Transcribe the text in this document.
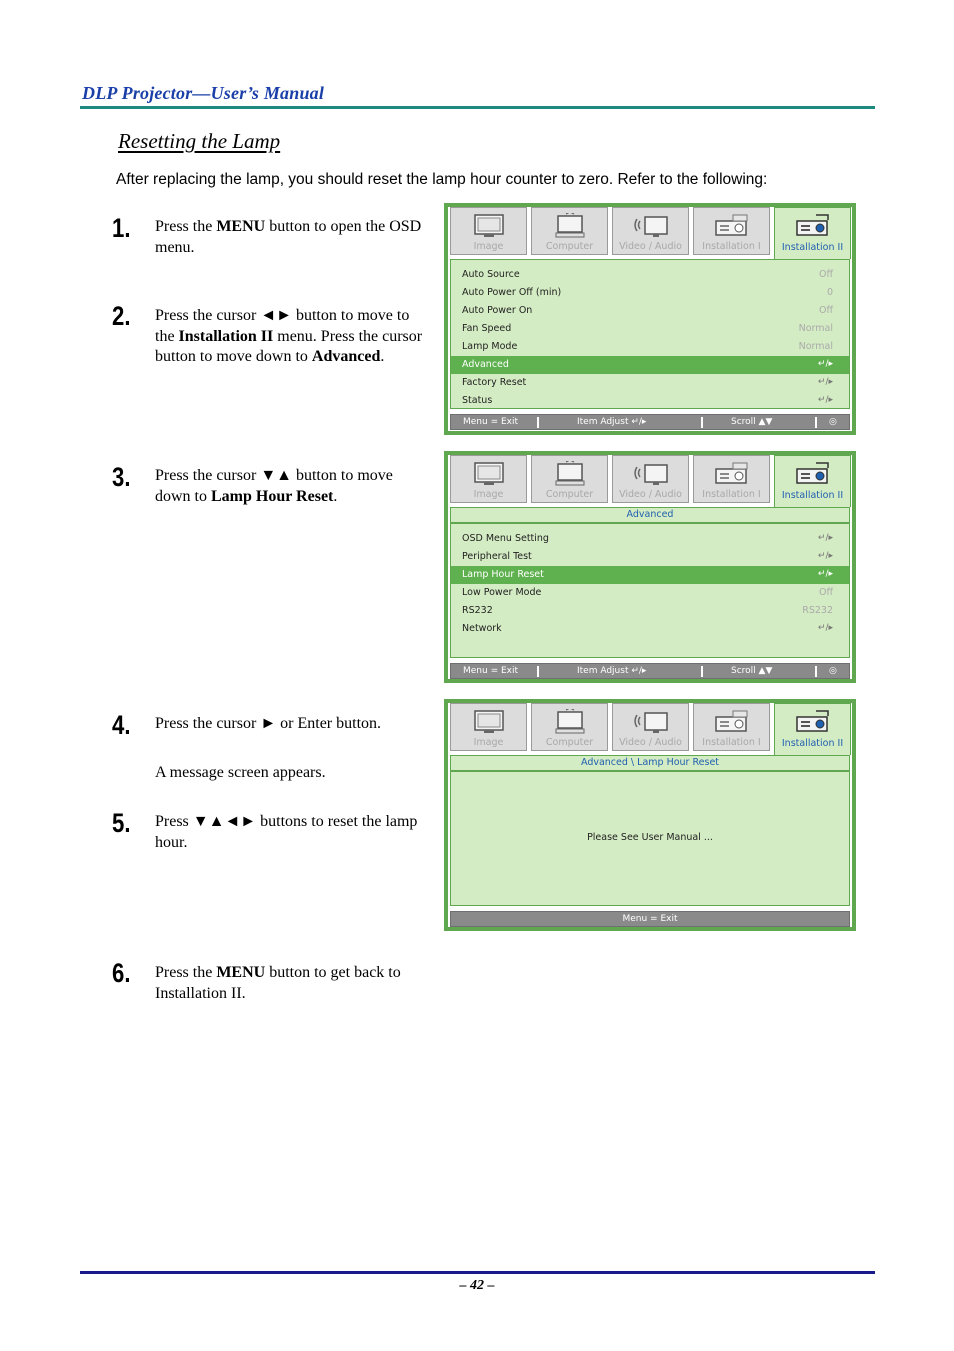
DLP Projector—User’s Manual
Resetting the Lamp
After replacing the lamp, you should reset the lamp hour counter to zero. Refer to the following:
1. Press the MENU button to open the OSD menu.
2. Press the cursor ◄► button to move to the Installation II menu. Press the cursor button to move down to Advanced.
3. Press the cursor ▼▲ button to move down to Lamp Hour Reset.
4. Press the cursor ► or Enter button.
A message screen appears.
5. Press ▼▲◄► buttons to reset the lamp hour.
6. Press the MENU button to get back to Installation II.
Image	Computer	Video / Audio	Installation I	Installation II
Auto Source	Off
Auto Power Off (min)	0
Auto Power On	Off
Fan Speed	Normal
Lamp Mode	Normal
Advanced	↵/▸
Factory Reset	↵/▸
Status	↵/▸
Menu = Exit	Item Adjust ↵/▸	Scroll ▲▼	◎
Image	Computer	Video / Audio	Installation I	Installation II
Advanced
OSD Menu Setting	↵/▸
Peripheral Test	↵/▸
Lamp Hour Reset	↵/▸
Low Power Mode	Off
RS232	RS232
Network	↵/▸
Menu = Exit	Item Adjust ↵/▸	Scroll ▲▼	◎
Image	Computer	Video / Audio	Installation I	Installation II
Advanced \ Lamp Hour Reset
Please See User Manual ...
Menu = Exit
– 42 –
